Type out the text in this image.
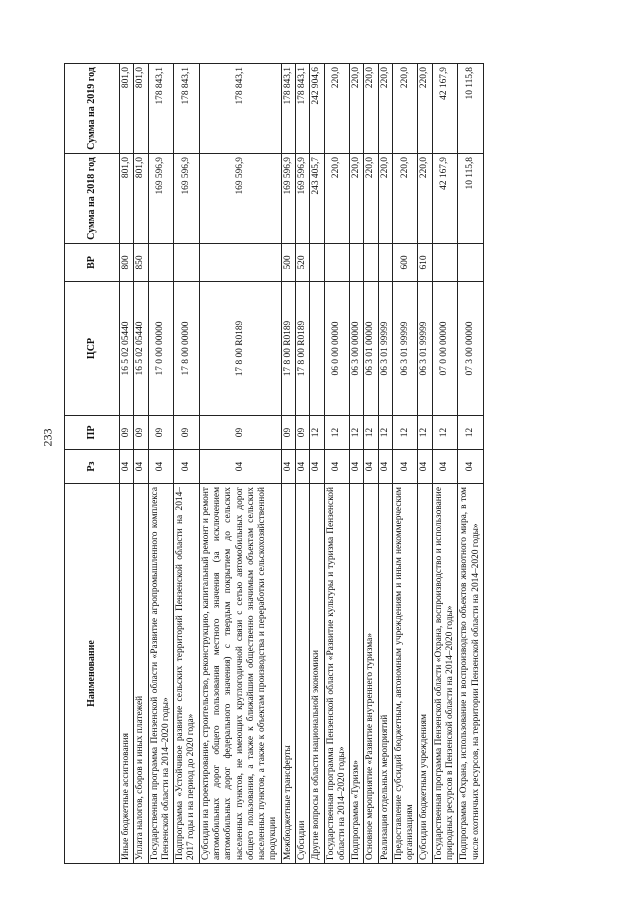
233
Наименование	Рз	ПР	ЦСР	ВР	Сумма на 2018 год	Сумма на 2019 год
Иные бюджетные ассигнования	04	09	16 5 02 05440	800	801,0	801,0
Уплата налогов, сборов и иных платежей	04	09	16 5 02 05440	850	801,0	801,0
Государственная программа Пензенской области «Развитие агропромышленного комплекса Пензенской области на 2014–2020 годы»	04	09	17 0 00 00000		169 596,9	178 843,1
Подпрограмма «Устойчивое развитие сельских территорий Пензенской области на 2014–2017 годы и на период до 2020 года»	04	09	17 8 00 00000		169 596,9	178 843,1
Субсидии на проектирование, строительство, реконструкцию, капитальный ремонт и ремонт автомобильных дорог общего пользования местного значения (за исключением автомобильных дорог федерального значения) с твердым покрытием до сельских населенных пунктов, не имеющих круглогодичной связи с сетью автомобильных дорог общего пользования, а также к ближайшим общественно значимым объектам сельских населенных пунктов, а также к объектам производства и переработки сельскохозяйственной продукции	04	09	17 8 00 R0189		169 596,9	178 843,1
Межбюджетные трансферты	04	09	17 8 00 R0189	500	169 596,9	178 843,1
Субсидии	04	09	17 8 00 R0189	520	169 596,9	178 843,1
Другие вопросы в области национальной экономики	04	12			243 405,7	242 904,6
Государственная программа Пензенской области «Развитие культуры и туризма Пензенской области на 2014–2020 годы»	04	12	06 0 00 00000		220,0	220,0
Подпрограмма «Туризм»	04	12	06 3 00 00000		220,0	220,0
Основное мероприятие «Развитие внутреннего туризма»	04	12	06 3 01 00000		220,0	220,0
Реализация отдельных мероприятий	04	12	06 3 01 99999		220,0	220,0
Предоставление субсидий бюджетным, автономным учреждениям и иным некоммерческим организациям	04	12	06 3 01 99999	600	220,0	220,0
Субсидии бюджетным учреждениям	04	12	06 3 01 99999	610	220,0	220,0
Государственная программа Пензенской области «Охрана, воспроизводство и использование природных ресурсов в Пензенской области на 2014–2020 годы»	04	12	07 0 00 00000		42 167,9	42 167,9
Подпрограмма «Охрана, использование и воспроизводство объектов животного мира, в том числе охотничьих ресурсов, на территории Пензенской области на 2014–2020 годы»	04	12	07 3 00 00000		10 115,8	10 115,8
